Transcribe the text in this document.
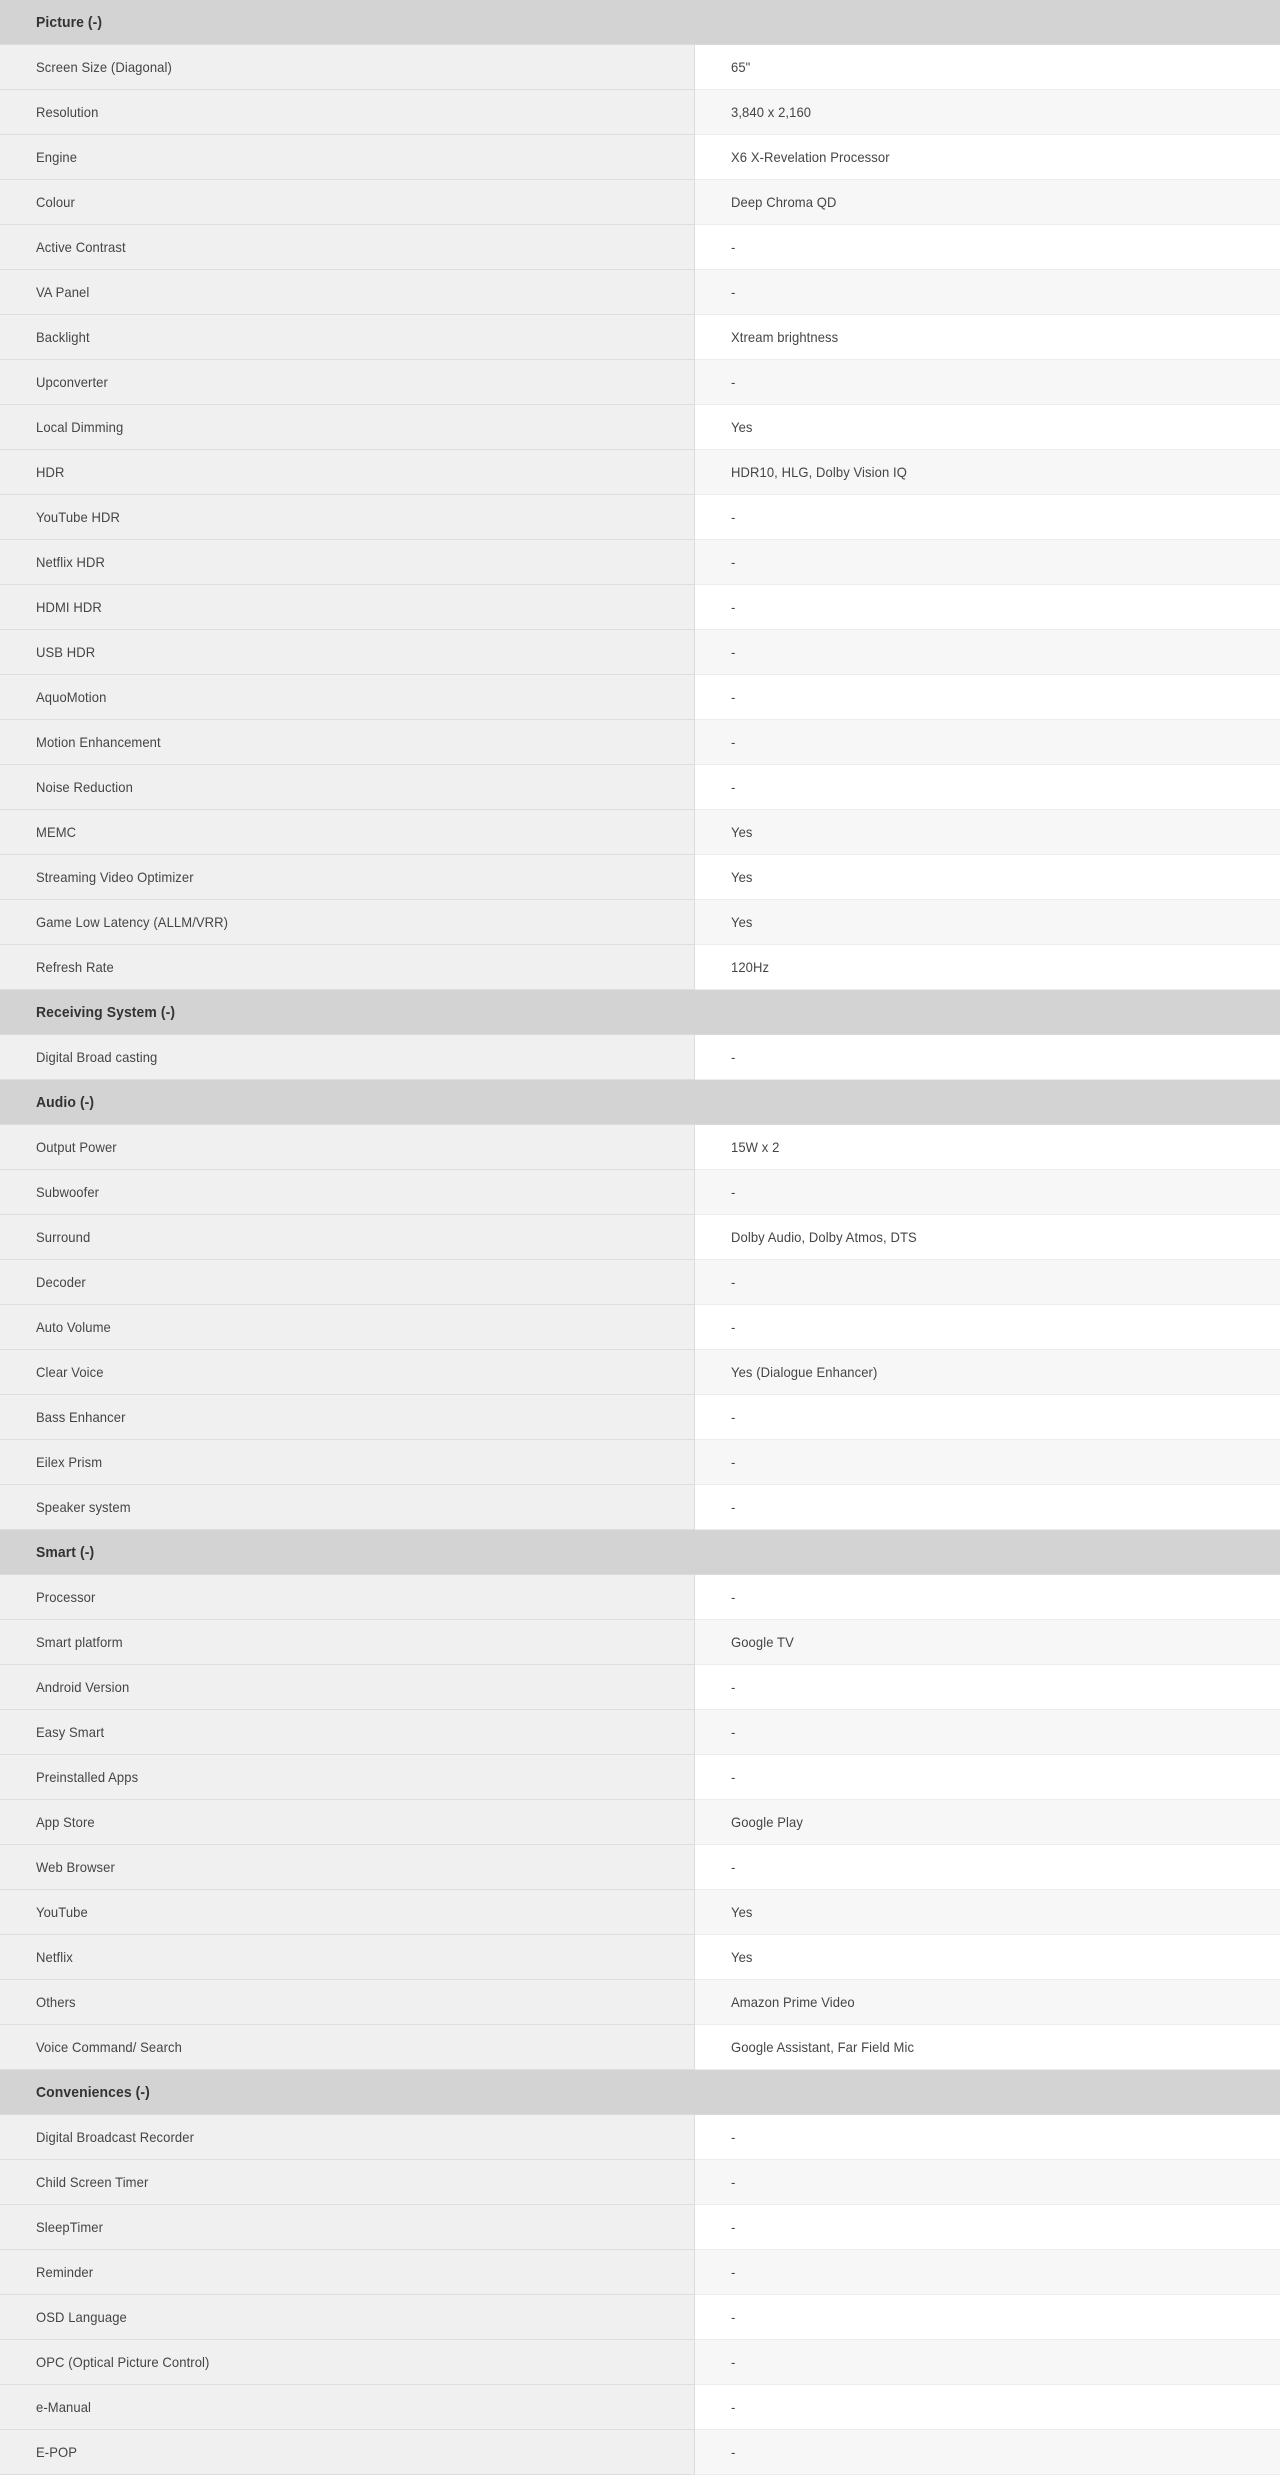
Picture (-)
Screen Size (Diagonal)	65"
Resolution	3,840 x 2,160
Engine	X6 X-Revelation Processor
Colour	Deep Chroma QD
Active Contrast	-
VA Panel	-
Backlight	Xtream brightness
Upconverter	-
Local Dimming	Yes
HDR	HDR10, HLG, Dolby Vision IQ
YouTube HDR	-
Netflix HDR	-
HDMI HDR	-
USB HDR	-
AquoMotion	-
Motion Enhancement	-
Noise Reduction	-
MEMC	Yes
Streaming Video Optimizer	Yes
Game Low Latency (ALLM/VRR)	Yes
Refresh Rate	120Hz
Receiving System (-)
Digital Broad casting	-
Audio (-)
Output Power	15W x 2
Subwoofer	-
Surround	Dolby Audio, Dolby Atmos, DTS
Decoder	-
Auto Volume	-
Clear Voice	Yes (Dialogue Enhancer)
Bass Enhancer	-
Eilex Prism	-
Speaker system	-
Smart (-)
Processor	-
Smart platform	Google TV
Android Version	-
Easy Smart	-
Preinstalled Apps	-
App Store	Google Play
Web Browser	-
YouTube	Yes
Netflix	Yes
Others	Amazon Prime Video
Voice Command/ Search	Google Assistant, Far Field Mic
Conveniences (-)
Digital Broadcast Recorder	-
Child Screen Timer	-
SleepTimer	-
Reminder	-
OSD Language	-
OPC (Optical Picture Control)	-
e-Manual	-
E-POP	-
